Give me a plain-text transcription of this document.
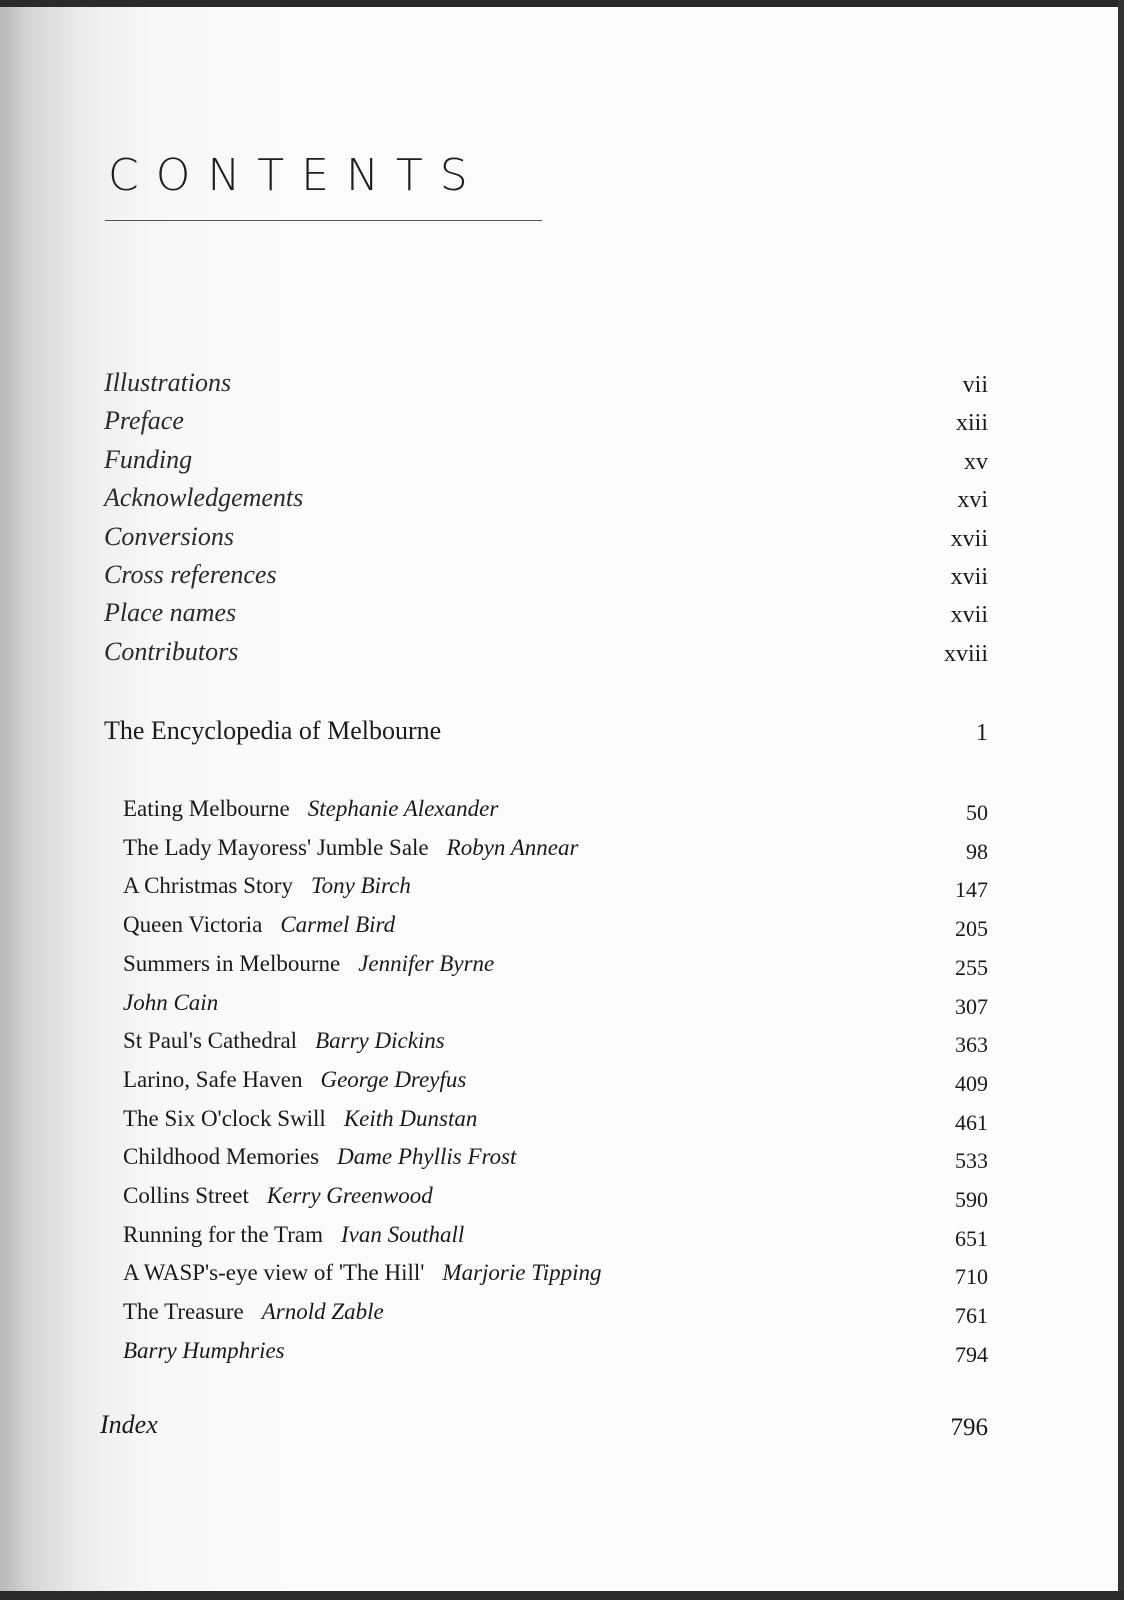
CONTENTS
Illustrations	vii
Preface	xiii
Funding	xv
Acknowledgements	xvi
Conversions	xvii
Cross references	xvii
Place names	xvii
Contributors	xviii
The Encyclopedia of Melbourne	1
Eating Melbourne Stephanie Alexander	50
The Lady Mayoress' Jumble Sale Robyn Annear	98
A Christmas Story Tony Birch	147
Queen Victoria Carmel Bird	205
Summers in Melbourne Jennifer Byrne	255
John Cain	307
St Paul's Cathedral Barry Dickins	363
Larino, Safe Haven George Dreyfus	409
The Six O'clock Swill Keith Dunstan	461
Childhood Memories Dame Phyllis Frost	533
Collins Street Kerry Greenwood	590
Running for the Tram Ivan Southall	651
A WASP's-eye view of 'The Hill' Marjorie Tipping	710
The Treasure Arnold Zable	761
Barry Humphries	794
Index	796
